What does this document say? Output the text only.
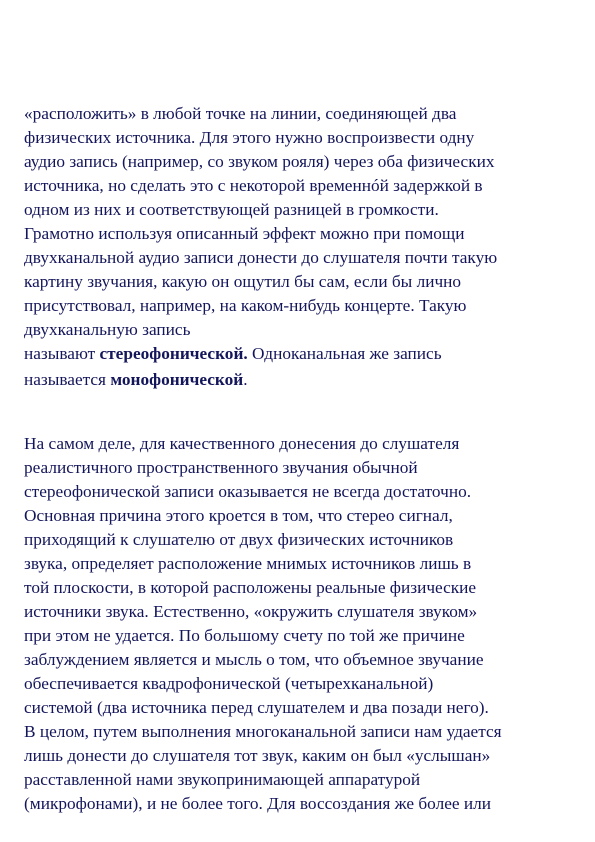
«расположить» в любой точке на линии, соединяющей два

физических источника. Для этого нужно воспроизвести одну

аудио запись (например, со звуком рояля) через оба физических

источника, но сделать это с некоторой временнóй задержкой в

одном из них и соответствующей разницей в громкости.

Грамотно используя описанный эффект можно при помощи

двухканальной аудио записи донести до слушателя почти такую

картину звучания, какую он ощутил бы сам, если бы лично

присутствовал, например, на каком-нибудь концерте. Такую

двухканальную запись

называют стереофонической. Одноканальная же запись

называется монофонической.

На самом деле, для качественного донесения до слушателя

реалистичного пространственного звучания обычной

стереофонической записи оказывается не всегда достаточно.

Основная причина этого кроется в том, что стерео сигнал,

приходящий к слушателю от двух физических источников

звука, определяет расположение мнимых источников лишь в

той плоскости, в которой расположены реальные физические

источники звука. Естественно, «окружить слушателя звуком»

при этом не удается. По большому счету по той же причине

заблуждением является и мысль о том, что объемное звучание

обеспечивается квадрофонической (четырехканальной)

системой (два источника перед слушателем и два позади него).

В целом, путем выполнения многоканальной записи нам удается

лишь донести до слушателя тот звук, каким он был «услышан»

расставленной нами звукопринимающей аппаратурой

(микрофонами), и не более того. Для воссоздания же более или
